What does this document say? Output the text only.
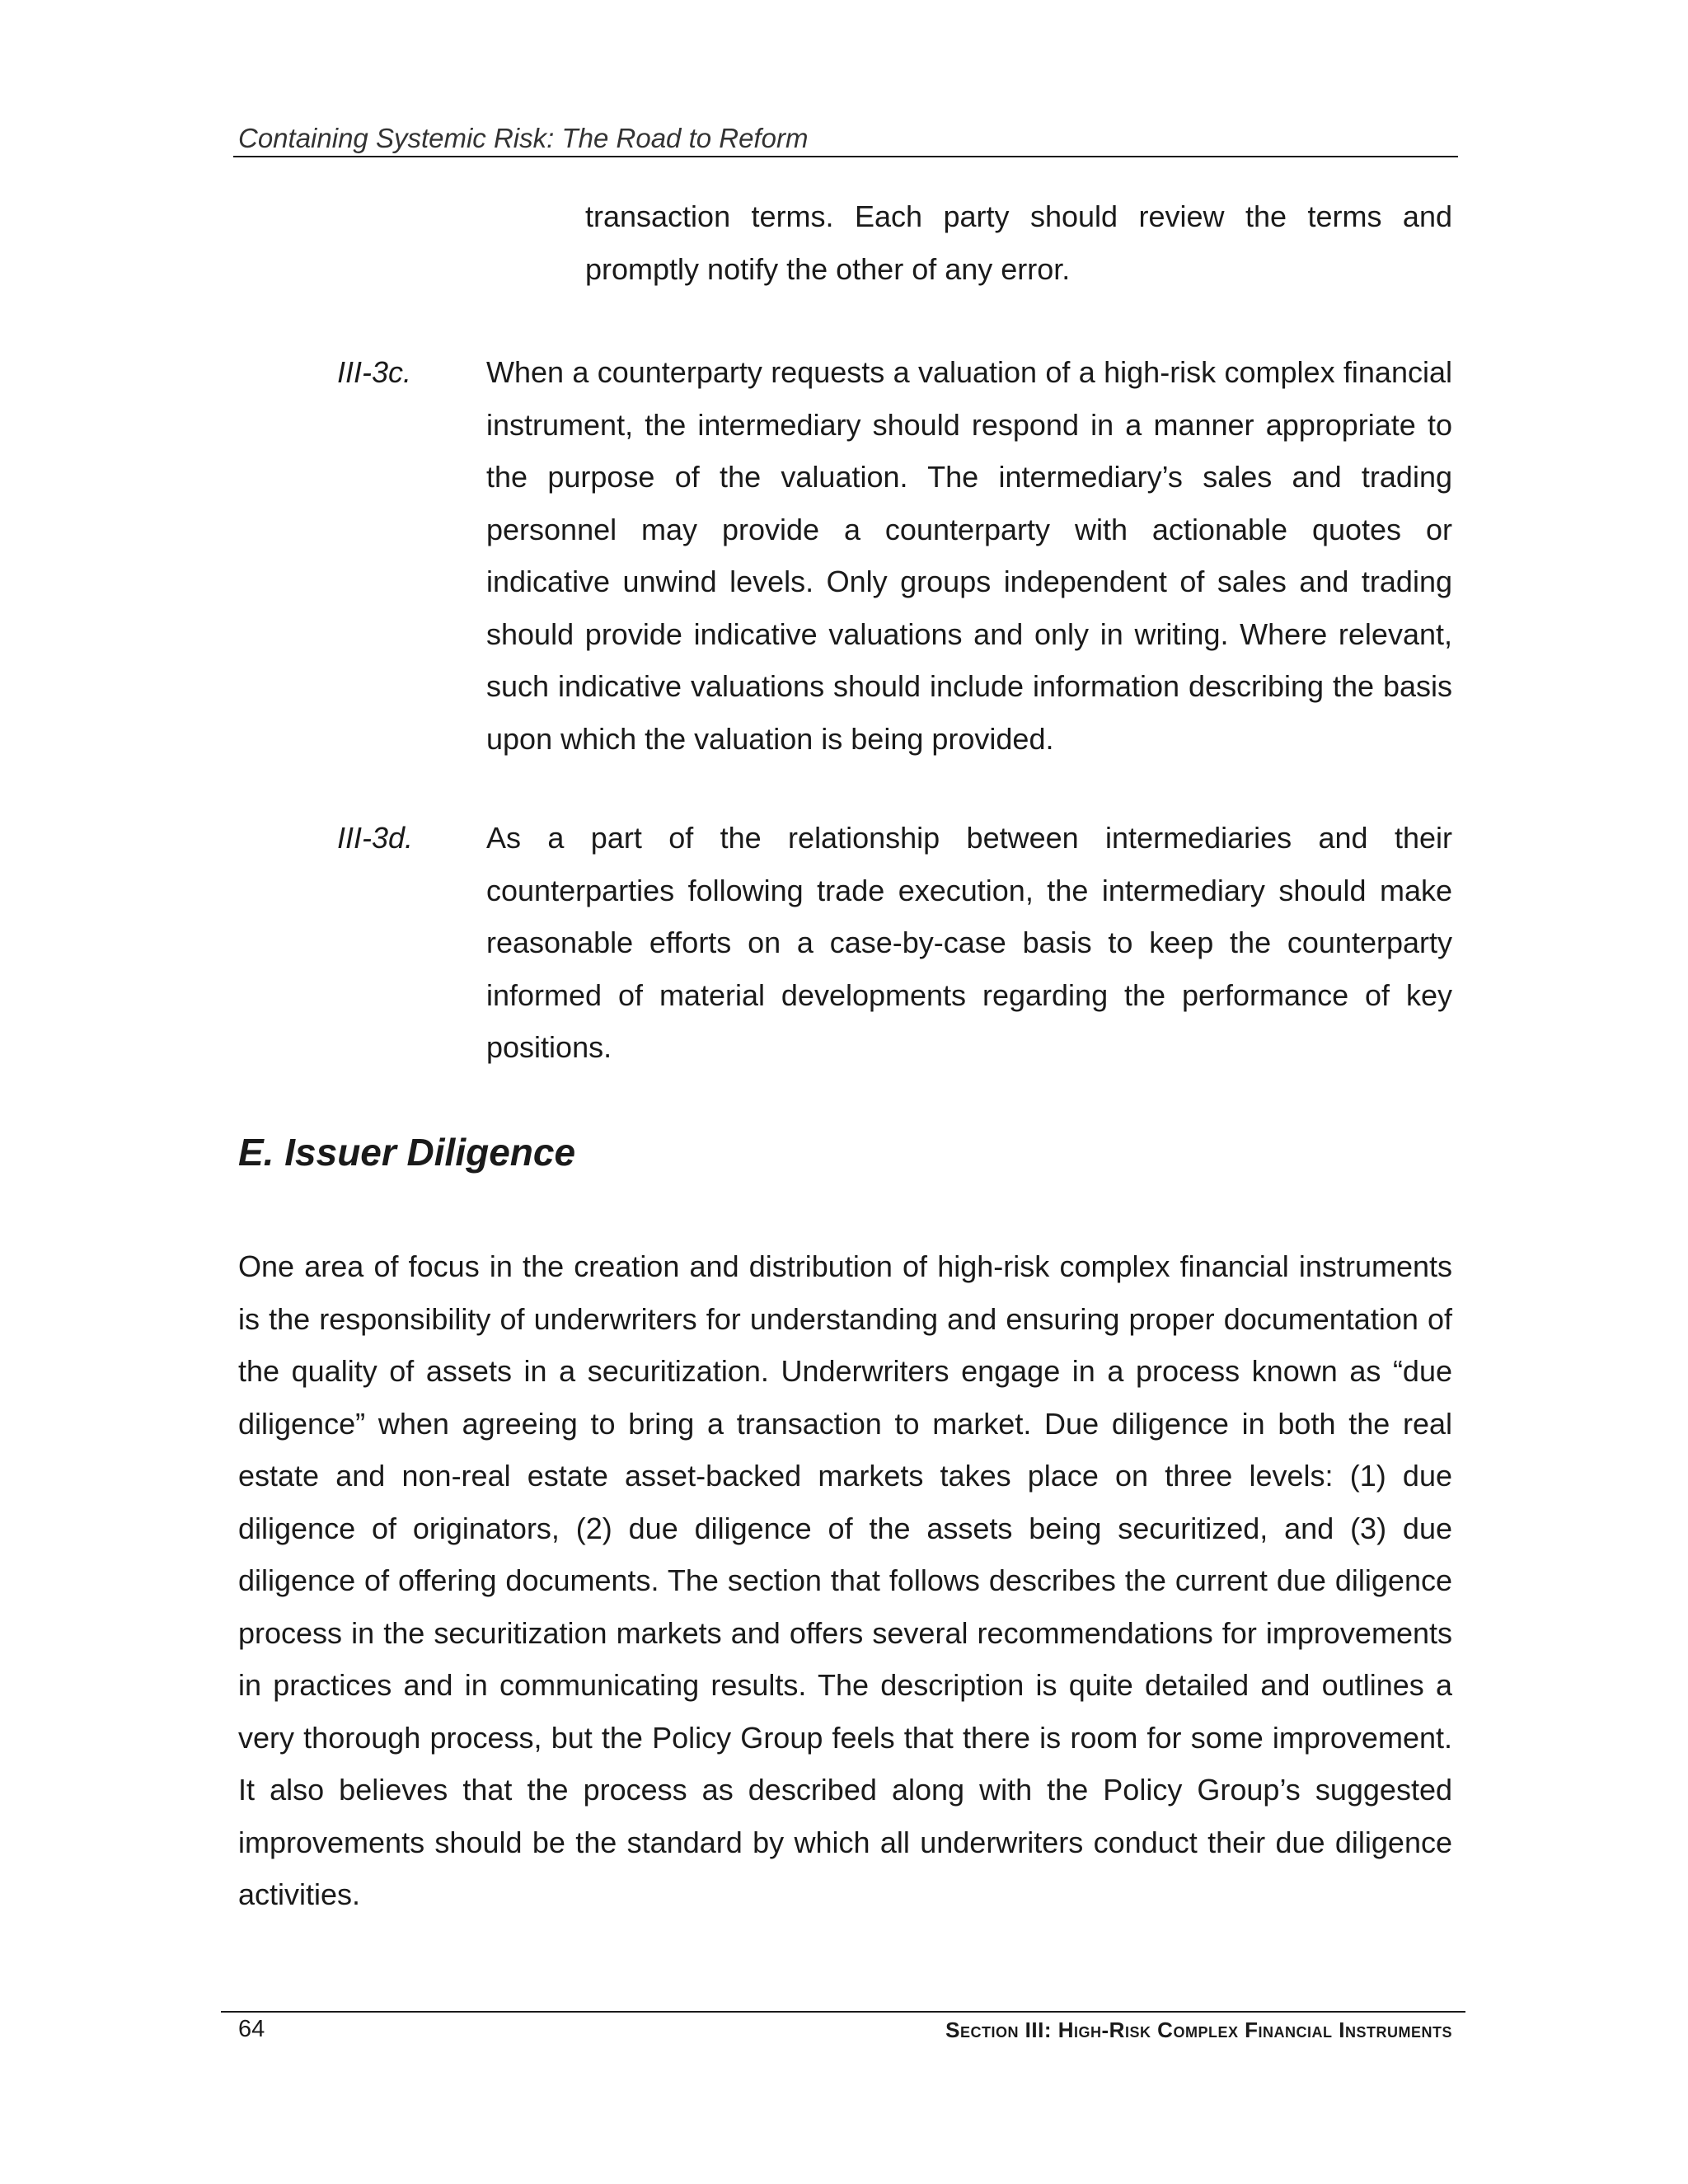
Containing Systemic Risk: The Road to Reform
transaction terms. Each party should review the terms and promptly notify the other of any error.
III-3c.	When a counterparty requests a valuation of a high-risk complex financial instrument, the intermediary should respond in a manner appropriate to the purpose of the valuation. The intermediary’s sales and trading personnel may provide a counterparty with actionable quotes or indicative unwind levels. Only groups independent of sales and trading should provide indicative valuations and only in writing. Where relevant, such indicative valuations should include information describing the basis upon which the valuation is being provided.
III-3d. As a part of the relationship between intermediaries and their counterparties following trade execution, the intermediary should make reasonable efforts on a case-by-case basis to keep the counterparty informed of material developments regarding the performance of key positions.
E. Issuer Diligence
One area of focus in the creation and distribution of high-risk complex financial instruments is the responsibility of underwriters for understanding and ensuring proper documentation of the quality of assets in a securitization. Underwriters engage in a process known as “due diligence” when agreeing to bring a transaction to market. Due diligence in both the real estate and non-real estate asset-backed markets takes place on three levels: (1) due diligence of originators, (2) due diligence of the assets being securitized, and (3) due diligence of offering documents. The section that follows describes the current due diligence process in the securitization markets and offers several recommendations for improvements in practices and in communicating results. The description is quite detailed and outlines a very thorough process, but the Policy Group feels that there is room for some improvement. It also believes that the process as described along with the Policy Group’s suggested improvements should be the standard by which all underwriters conduct their due diligence activities.
64	Section III: High-Risk Complex Financial Instruments
